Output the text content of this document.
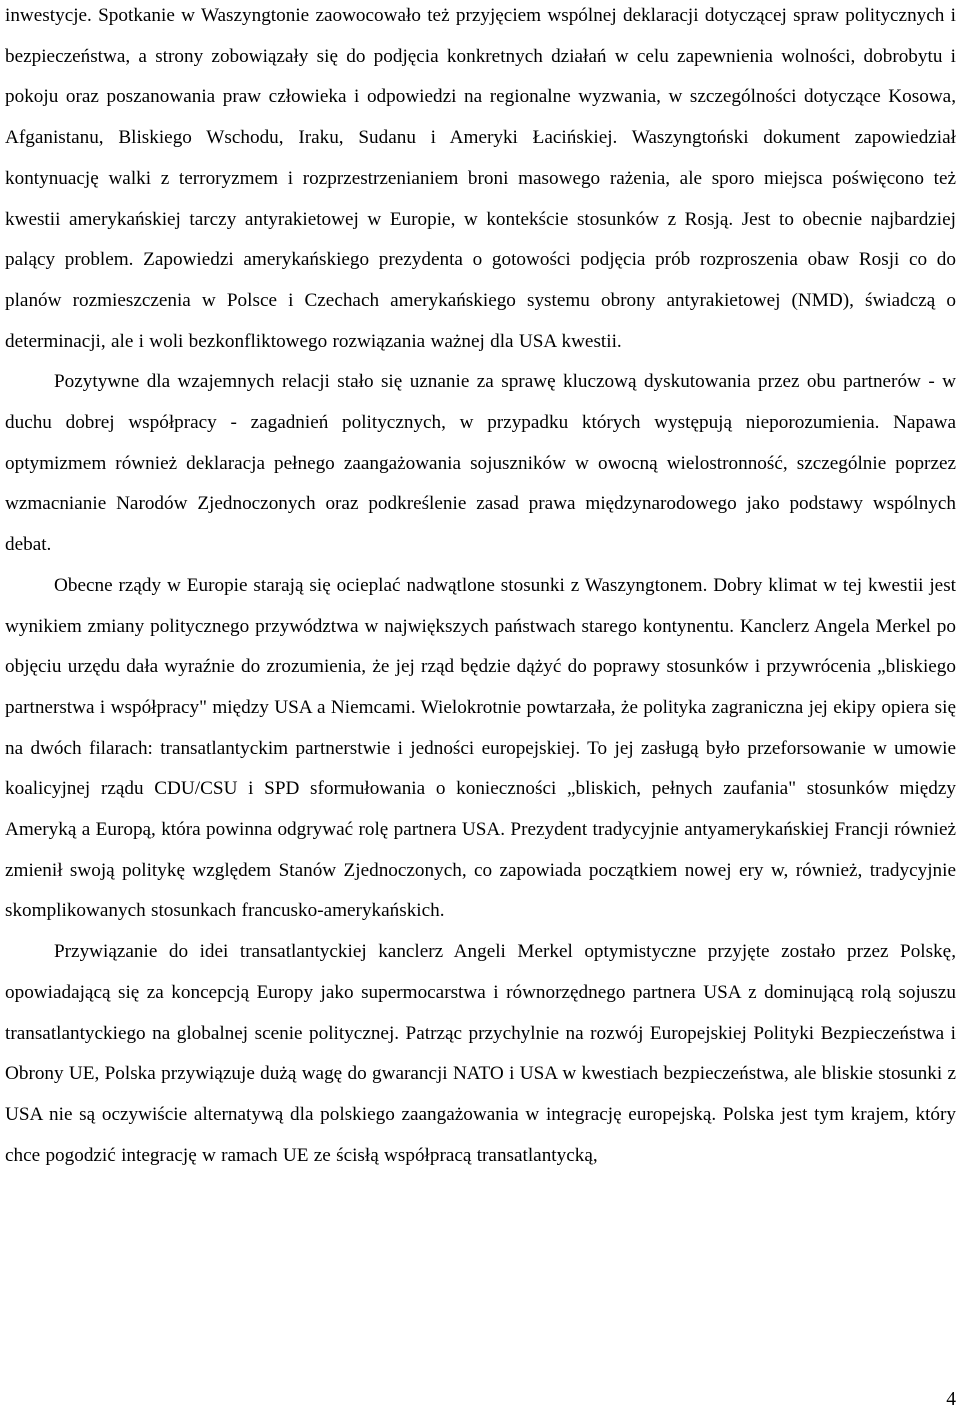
inwestycje. Spotkanie w Waszyngtonie zaowocowało też przyjęciem wspólnej deklaracji dotyczącej spraw politycznych i bezpieczeństwa, a strony zobowiązały się do podjęcia konkretnych działań w celu zapewnienia wolności, dobrobytu i pokoju oraz poszanowania praw człowieka i odpowiedzi na regionalne wyzwania, w szczególności dotyczące Kosowa, Afganistanu, Bliskiego Wschodu, Iraku, Sudanu i Ameryki Łacińskiej. Waszyngtoński dokument zapowiedział kontynuację walki z terroryzmem i rozprzestrzenianiem broni masowego rażenia, ale sporo miejsca poświęcono też kwestii amerykańskiej tarczy antyrakietowej w Europie, w kontekście stosunków z Rosją. Jest to obecnie najbardziej palący problem. Zapowiedzi amerykańskiego prezydenta o gotowości podjęcia prób rozproszenia obaw Rosji co do planów rozmieszczenia w Polsce i Czechach amerykańskiego systemu obrony antyrakietowej (NMD), świadczą o determinacji, ale i woli bezkonfliktowego rozwiązania ważnej dla USA kwestii.

Pozytywne dla wzajemnych relacji stało się uznanie za sprawę kluczową dyskutowania przez obu partnerów - w duchu dobrej współpracy - zagadnień politycznych, w przypadku których występują nieporozumienia. Napawa optymizmem również deklaracja pełnego zaangażowania sojuszników w owocną wielostronność, szczególnie poprzez wzmacnianie Narodów Zjednoczonych oraz podkreślenie zasad prawa międzynarodowego jako podstawy wspólnych debat.

Obecne rządy w Europie starają się ocieplać nadwątlone stosunki z Waszyngtonem. Dobry klimat w tej kwestii jest wynikiem zmiany politycznego przywództwa w największych państwach starego kontynentu. Kanclerz Angela Merkel po objęciu urzędu dała wyraźnie do zrozumienia, że jej rząd będzie dążyć do poprawy stosunków i przywrócenia „bliskiego partnerstwa i współpracy" między USA a Niemcami. Wielokrotnie powtarzała, że polityka zagraniczna jej ekipy opiera się na dwóch filarach: transatlantyckim partnerstwie i jedności europejskiej. To jej zasługą było przeforsowanie w umowie koalicyjnej rządu CDU/CSU i SPD sformułowania o konieczności „bliskich, pełnych zaufania" stosunków między Ameryką a Europą, która powinna odgrywać rolę partnera USA. Prezydent tradycyjnie antyamerykańskiej Francji również zmienił swoją politykę względem Stanów Zjednoczonych, co zapowiada początkiem nowej ery w, również, tradycyjnie skomplikowanych stosunkach francusko-amerykańskich.

Przywiązanie do idei transatlantyckiej kanclerz Angeli Merkel optymistyczne przyjęte zostało przez Polskę, opowiadającą się za koncepcją Europy jako supermocarstwa i równorzędnego partnera USA z dominującą rolą sojuszu transatlantyckiego na globalnej scenie politycznej. Patrząc przychylnie na rozwój Europejskiej Polityki Bezpieczeństwa i Obrony UE, Polska przywiązuje dużą wagę do gwarancji NATO i USA w kwestiach bezpieczeństwa, ale bliskie stosunki z USA nie są oczywiście alternatywą dla polskiego zaangażowania w integrację europejską. Polska jest tym krajem, który chce pogodzić integrację w ramach UE ze ścisłą współpracą transatlantycką,

4
